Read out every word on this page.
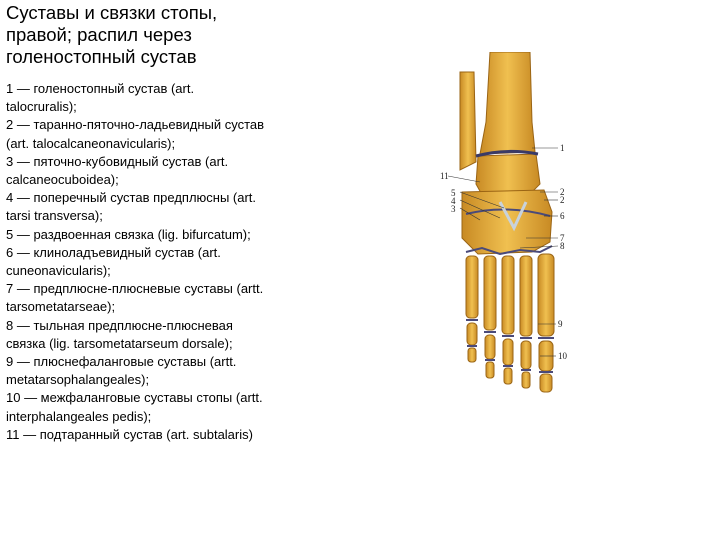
Суставы и связки стопы, правой; распил через голеностопный сустав
1 — голеностопный сустав (art. talocruralis);
2 — таранно-пяточно-ладьевидный сустав (art. talocalcaneonavicularis);
3 — пяточно-кубовидный сустав (art. calcaneocuboidea);
4 — поперечный сустав предплюсны (art. tarsi transversa);
5 — раздвоенная связка (lig. bifurcatum);
6 — клиноладъевидный сустав (art. cuneonavicularis);
7 — предплюсне-плюсневые суставы (artt. tarsometatarseae);
8 — тыльная предплюсне-плюсневая связка (lig. tarsometatarseum dorsale);
9 — плюснефаланговые суставы (artt. metatarsophalangeales);
10 — межфаланговые суставы стопы (artt. interphalangeales pedis);
11 — подтаранный сустав (art. subtalaris)
1
2
3
4
5
6
7
8
9
10
11
2
